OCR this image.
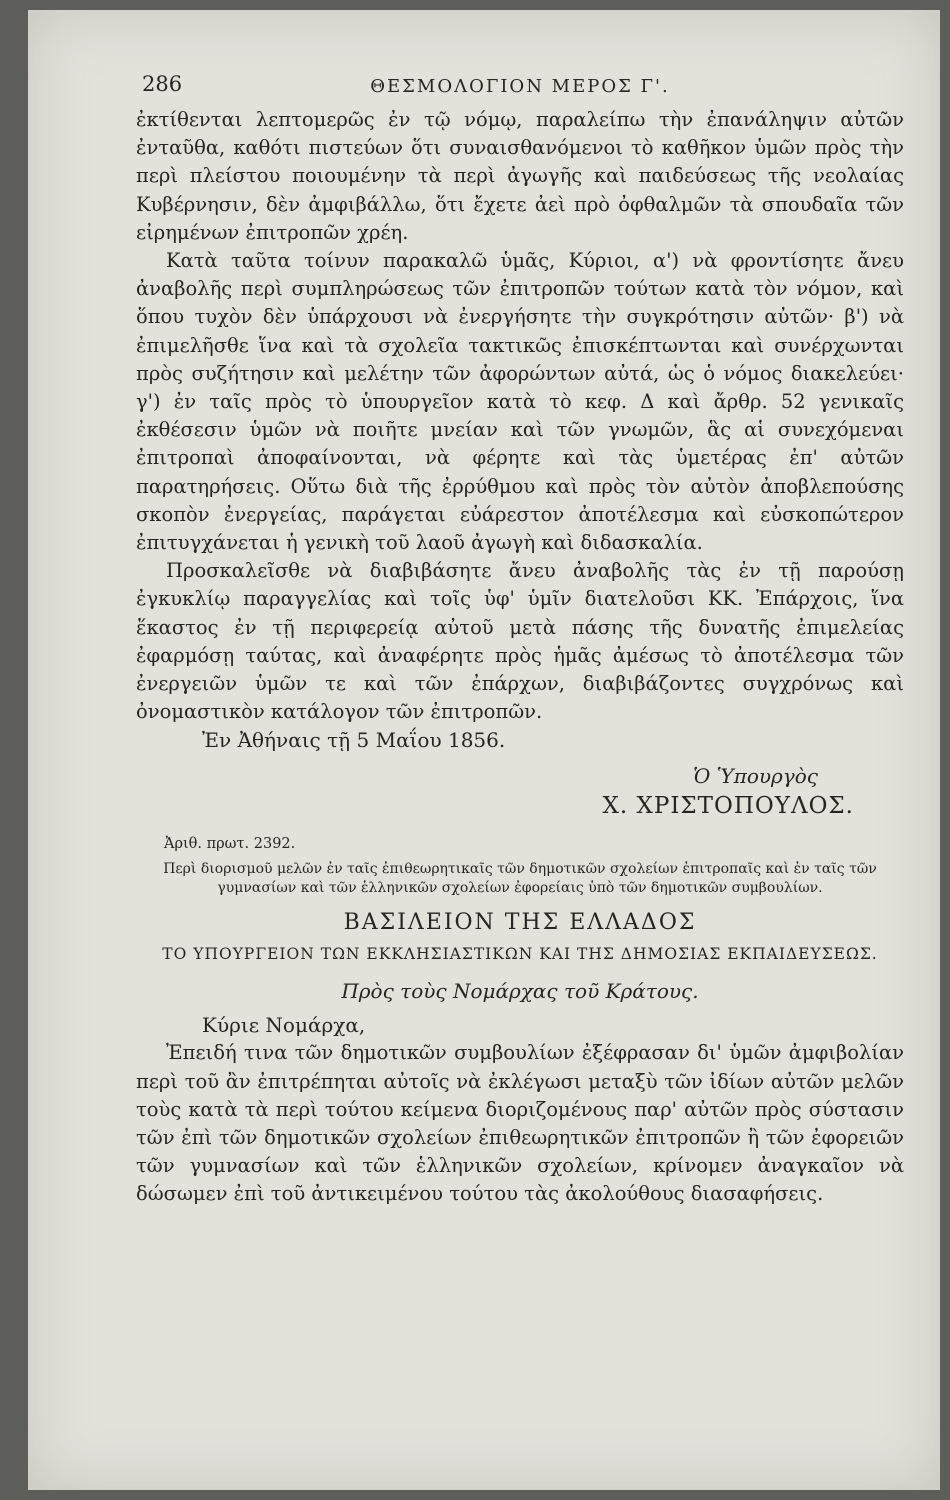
286	ΘΕΣΜΟΛΟΓΙΟΝ ΜΕΡΟΣ Γ'.

ἐκτίθενται λεπτομερῶς ἐν τῷ νόμῳ, παραλείπω τὴν ἐπανάληψιν αὐτῶν ἐνταῦθα, καθότι πιστεύων ὅτι συναισθανόμενοι τὸ καθῆκον ὑμῶν πρὸς τὴν περὶ πλείστου ποιουμένην τὰ περὶ ἀγωγῆς καὶ παιδεύσεως τῆς νεολαίας Κυβέρνησιν, δὲν ἀμφιβάλλω, ὅτι ἔχετε ἀεὶ πρὸ ὀφθαλμῶν τὰ σπουδαῖα τῶν εἰρημένων ἐπιτροπῶν χρέη.

Κατὰ ταῦτα τοίνυν παρακαλῶ ὑμᾶς, Κύριοι, α') νὰ φροντίσητε ἄνευ ἀναβολῆς περὶ συμπληρώσεως τῶν ἐπιτροπῶν τούτων κατὰ τὸν νόμον, καὶ ὅπου τυχὸν δὲν ὑπάρχουσι νὰ ἐνεργήσητε τὴν συγκρότησιν αὐτῶν· β') νὰ ἐπιμελῆσθε ἵνα καὶ τὰ σχολεῖα τακτικῶς ἐπισκέπτωνται καὶ συνέρχωνται πρὸς συζήτησιν καὶ μελέτην τῶν ἀφορώντων αὐτά, ὡς ὁ νόμος διακελεύει· γ') ἐν ταῖς πρὸς τὸ ὑπουργεῖον κατὰ τὸ κεφ. Δ καὶ ἄρθρ. 52 γενικαῖς ἐκθέσεσιν ὑμῶν νὰ ποιῆτε μνείαν καὶ τῶν γνωμῶν, ἃς αἱ συνεχόμεναι ἐπιτροπαὶ ἀποφαίνονται, νὰ φέρητε καὶ τὰς ὑμετέρας ἐπ' αὐτῶν παρατηρήσεις. Οὕτω διὰ τῆς ἐρρύθμου καὶ πρὸς τὸν αὐτὸν ἀποβλεπούσης σκοπὸν ἐνεργείας, παράγεται εὐάρεστον ἀποτέλεσμα καὶ εὐσκοπώτερον ἐπιτυγχάνεται ἡ γενικὴ τοῦ λαοῦ ἀγωγὴ καὶ διδασκαλία.

Προσκαλεῖσθε νὰ διαβιβάσητε ἄνευ ἀναβολῆς τὰς ἐν τῇ παρούσῃ ἐγκυκλίῳ παραγγελίας καὶ τοῖς ὑφ' ὑμῖν διατελοῦσι ΚΚ. Ἐπάρχοις, ἵνα ἕκαστος ἐν τῇ περιφερείᾳ αὐτοῦ μετὰ πάσης τῆς δυνατῆς ἐπιμελείας ἐφαρμόσῃ ταύτας, καὶ ἀναφέρητε πρὸς ἡμᾶς ἀμέσως τὸ ἀποτέλεσμα τῶν ἐνεργειῶν ὑμῶν τε καὶ τῶν ἐπάρχων, διαβιβάζοντες συγχρόνως καὶ ὀνομαστικὸν κατάλογον τῶν ἐπιτροπῶν.

Ἐν Ἀθήναις τῇ 5 Μαΐου 1856.
Ὁ Ὑπουργὸς
Χ. ΧΡΙΣΤΟΠΟΥΛΟΣ.
Ἀριθ. πρωτ. 2392.
Περὶ διορισμοῦ μελῶν ἐν ταῖς ἐπιθεωρητικαῖς τῶν δημοτικῶν σχολείων ἐπιτροπαῖς καὶ ἐν ταῖς τῶν γυμνασίων καὶ τῶν ἑλληνικῶν σχολείων ἐφορείαις ὑπὸ τῶν δημοτικῶν συμβουλίων.
ΒΑΣΙΛΕΙΟΝ ΤΗΣ ΕΛΛΑΔΟΣ
ΤΟ ΥΠΟΥΡΓΕΙΟΝ ΤΩΝ ΕΚΚΛΗΣΙΑΣΤΙΚΩΝ ΚΑΙ ΤΗΣ ΔΗΜΟΣΙΑΣ ΕΚΠΑΙΔΕΥΣΕΩΣ.
Πρὸς τοὺς Νομάρχας τοῦ Κράτους.
Κύριε Νομάρχα,

Ἐπειδή τινα τῶν δημοτικῶν συμβουλίων ἐξέφρασαν δι' ὑμῶν ἀμφιβολίαν περὶ τοῦ ἂν ἐπιτρέπηται αὐτοῖς νὰ ἐκλέγωσι μεταξὺ τῶν ἰδίων αὐτῶν μελῶν τοὺς κατὰ τὰ περὶ τούτου κείμενα διοριζομένους παρ' αὐτῶν πρὸς σύστασιν τῶν ἐπὶ τῶν δημοτικῶν σχολείων ἐπιθεωρητικῶν ἐπιτροπῶν ἢ τῶν ἐφορειῶν τῶν γυμνασίων καὶ τῶν ἑλληνικῶν σχολείων, κρίνομεν ἀναγκαῖον νὰ δώσωμεν ἐπὶ τοῦ ἀντικειμένου τούτου τὰς ἀκολούθους διασαφήσεις.
